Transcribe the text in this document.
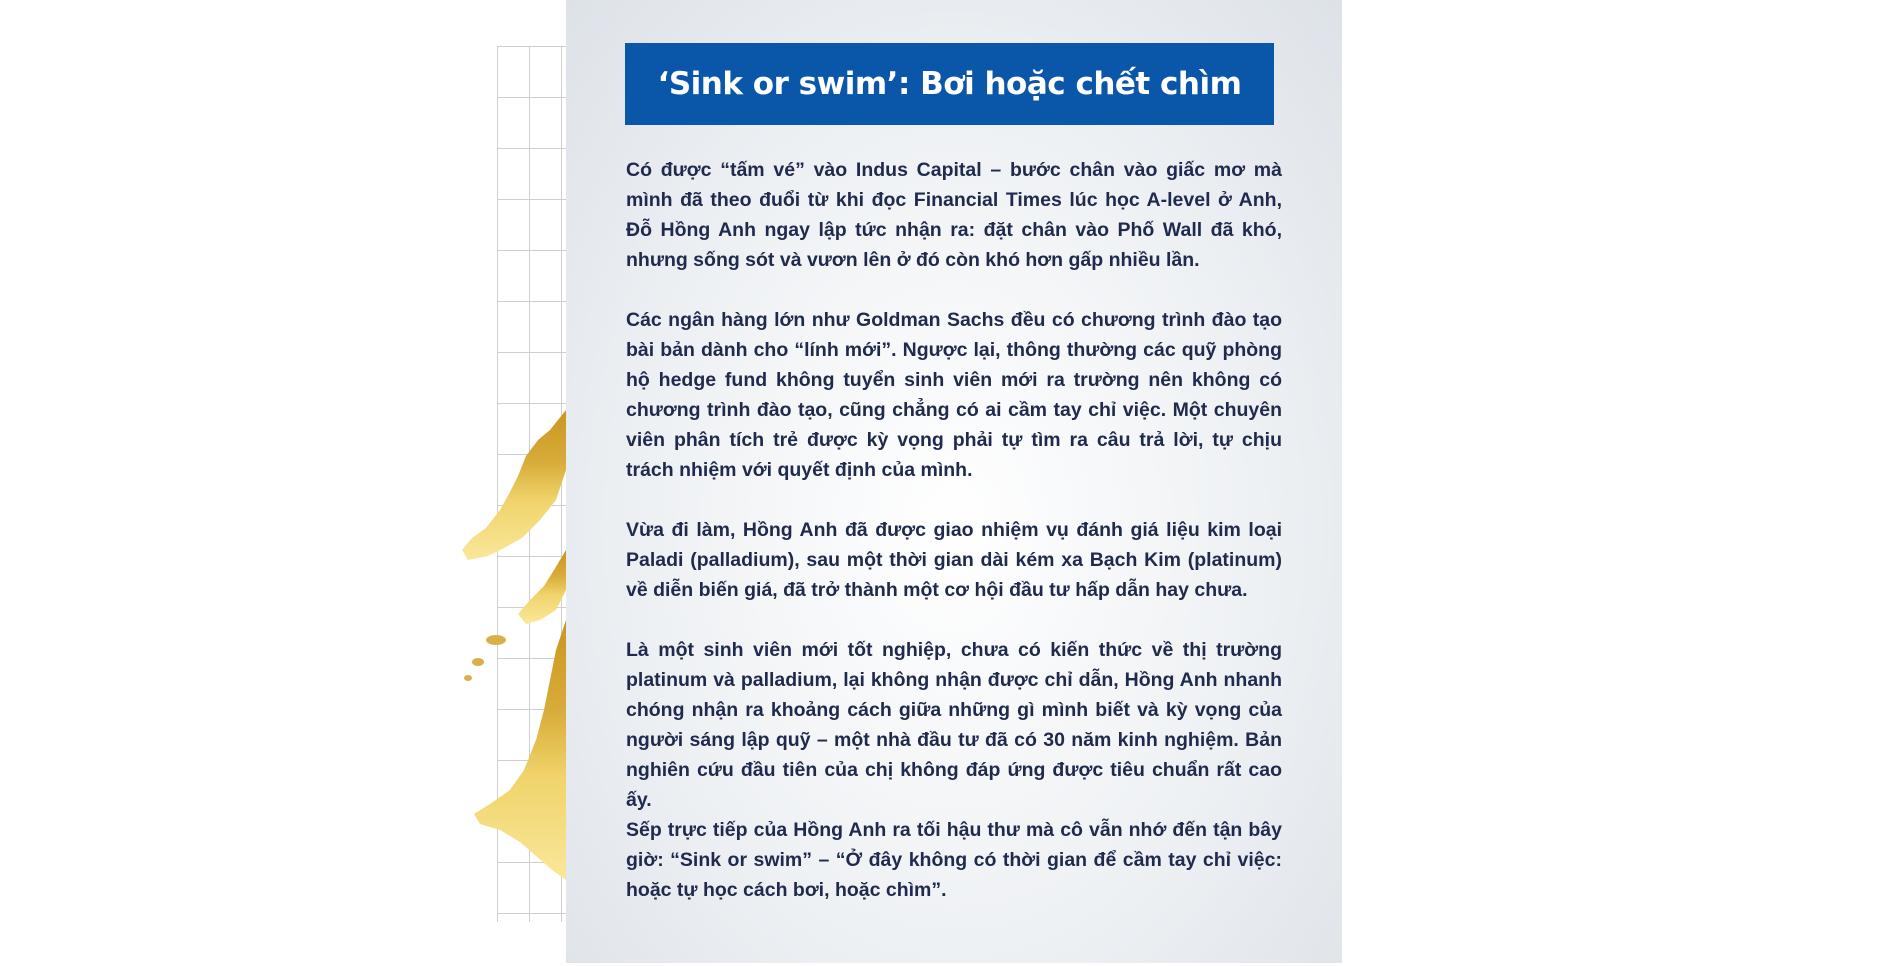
‘Sink or swim’: Bơi hoặc chết chìm

Có được “tấm vé” vào Indus Capital – bước chân vào giấc mơ mà mình đã theo đuổi từ khi đọc Financial Times lúc học A-level ở Anh, Đỗ Hồng Anh ngay lập tức nhận ra: đặt chân vào Phố Wall đã khó, nhưng sống sót và vươn lên ở đó còn khó hơn gấp nhiều lần.

Các ngân hàng lớn như Goldman Sachs đều có chương trình đào tạo bài bản dành cho “lính mới”. Ngược lại, thông thường các quỹ phòng hộ hedge fund không tuyển sinh viên mới ra trường nên không có chương trình đào tạo, cũng chẳng có ai cầm tay chỉ việc. Một chuyên viên phân tích trẻ được kỳ vọng phải tự tìm ra câu trả lời, tự chịu trách nhiệm với quyết định của mình.

Vừa đi làm, Hồng Anh đã được giao nhiệm vụ đánh giá liệu kim loại Paladi (palladium), sau một thời gian dài kém xa Bạch Kim (platinum) về diễn biến giá, đã trở thành một cơ hội đầu tư hấp dẫn hay chưa.

Là một sinh viên mới tốt nghiệp, chưa có kiến thức về thị trường platinum và palladium, lại không nhận được chỉ dẫn, Hồng Anh nhanh chóng nhận ra khoảng cách giữa những gì mình biết và kỳ vọng của người sáng lập quỹ – một nhà đầu tư đã có 30 năm kinh nghiệm. Bản nghiên cứu đầu tiên của chị không đáp ứng được tiêu chuẩn rất cao ấy.

Sếp trực tiếp của Hồng Anh ra tối hậu thư mà cô vẫn nhớ đến tận bây giờ: “Sink or swim” – “Ở đây không có thời gian để cầm tay chỉ việc: hoặc tự học cách bơi, hoặc chìm”.
